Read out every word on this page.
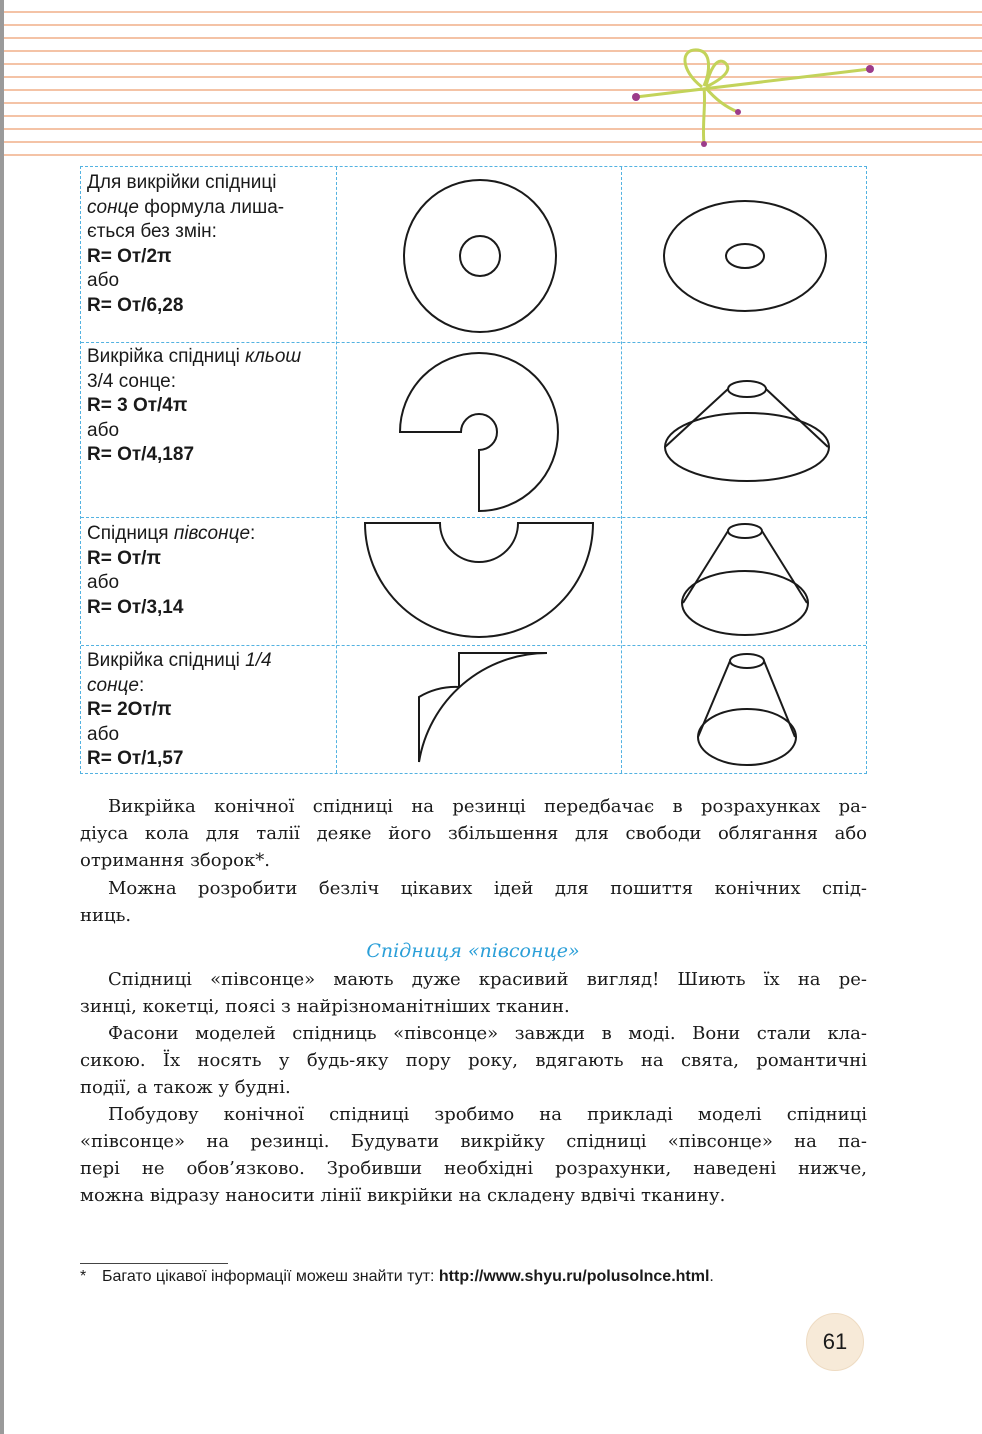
Для викрійки спідниці
сонце формула лиша-
ється без змін:
R= Oт/2π
або
R= Oт/6,28
Викрійка спідниці кльош
3/4 сонце:
R= 3 Oт/4π
або
R= Oт/4,187
Спідниця півсонце:
R= Oт/π
або
R= Oт/3,14
Викрійка спідниці 1/4
сонце:
R= 2Oт/π
або
R= Oт/1,57
Викрійка конічної спідниці на резинці передбачає в розрахунках ра-
діуса кола для талії деяке його збільшення для свободи облягання або
отримання зборок*.
Можна розробити безліч цікавих ідей для пошиття конічних спід-
ниць.
Спідниця «півсонце»
Спідниці «півсонце» мають дуже красивий вигляд! Шиють їх на ре-
зинці, кокетці, поясі з найрізноманітніших тканин.
Фасони моделей спідниць «півсонце» завжди в моді. Вони стали кла-
сикою. Їх носять у будь-яку пору року, вдягають на свята, романтичні
події, а також у будні.
Побудову конічної спідниці зробимо на прикладі моделі спідниці
«півсонце» на резинці. Будувати викрійку спідниці «півсонце» на па-
пері не обов’язково. Зробивши необхідні розрахунки, наведені нижче,
можна відразу наносити лінії викрійки на складену вдвічі тканину.
* Багато цікавої інформації можеш знайти тут: http://www.shyu.ru/polusolnce.html.
61
